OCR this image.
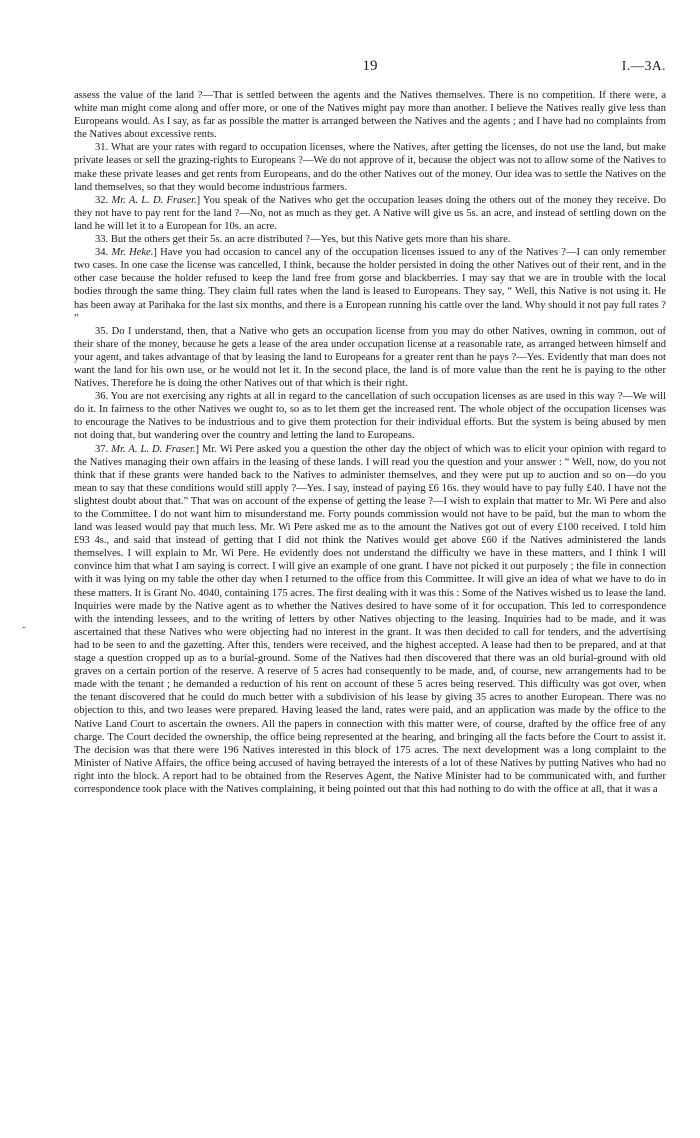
19	I.—3A.
-

assess the value of the land ?—That is settled between the agents and the Natives themselves. There is no competition. If there were, a white man might come along and offer more, or one of the Natives might pay more than another. I believe the Natives really give less than Europeans would. As I say, as far as possible the matter is arranged between the Natives and the agents ; and I have had no complaints from the Natives about excessive rents.

31. What are your rates with regard to occupation licenses, where the Natives, after getting the licenses, do not use the land, but make private leases or sell the grazing-rights to Europeans ?—We do not approve of it, because the object was not to allow some of the Natives to make these private leases and get rents from Europeans, and do the other Natives out of the money. Our idea was to settle the Natives on the land themselves, so that they would become industrious farmers.

32. Mr. A. L. D. Fraser.] You speak of the Natives who get the occupation leases doing the others out of the money they receive. Do they not have to pay rent for the land ?—No, not as much as they get. A Native will give us 5s. an acre, and instead of settling down on the land he will let it to a European for 10s. an acre.

33. But the others get their 5s. an acre distributed ?—Yes, but this Native gets more than his share.

34. Mr. Heke.] Have you had occasion to cancel any of the occupation licenses issued to any of the Natives ?—I can only remember two cases. In one case the license was cancelled, I think, because the holder persisted in doing the other Natives out of their rent, and in the other case because the holder refused to keep the land free from gorse and blackberries. I may say that we are in trouble with the local bodies through the same thing. They claim full rates when the land is leased to Europeans. They say, “ Well, this Native is not using it. He has been away at Parihaka for the last six months, and there is a European running his cattle over the land. Why should it not pay full rates ? ”

35. Do I understand, then, that a Native who gets an occupation license from you may do other Natives, owning in common, out of their share of the money, because he gets a lease of the area under occupation license at a reasonable rate, as arranged between himself and your agent, and takes advantage of that by leasing the land to Europeans for a greater rent than he pays ?—Yes. Evidently that man does not want the land for his own use, or he would not let it. In the second place, the land is of more value than the rent he is paying to the other Natives. Therefore he is doing the other Natives out of that which is their right.

36. You are not exercising any rights at all in regard to the cancellation of such occupation licenses as are used in this way ?—We will do it. In fairness to the other Natives we ought to, so as to let them get the increased rent. The whole object of the occupation licenses was to encourage the Natives to be industrious and to give them protection for their individual efforts. But the system is being abused by men not doing that, but wandering over the country and letting the land to Europeans.

37. Mr. A. L. D. Fraser.] Mr. Wi Pere asked you a question the other day the object of which was to elicit your opinion with regard to the Natives managing their own affairs in the leasing of these lands. I will read you the question and your answer : “ Well, now, do you not think that if these grants were handed back to the Natives to administer themselves, and they were put up to auction and so on—do you mean to say that these conditions would still apply ?—Yes. I say, instead of paying £6 16s. they would have to pay fully £40. I have not the slightest doubt about that.” That was on account of the expense of getting the lease ?—I wish to explain that matter to Mr. Wi Pere and also to the Committee. I do not want him to misunderstand me. Forty pounds commission would not have to be paid, but the man to whom the land was leased would pay that much less. Mr. Wi Pere asked me as to the amount the Natives got out of every £100 received. I told him £93 4s., and said that instead of getting that I did not think the Natives would get above £60 if the Natives administered the lands themselves. I will explain to Mr. Wi Pere. He evidently does not understand the difficulty we have in these matters, and I think I will convince him that what I am saying is correct. I will give an example of one grant. I have not picked it out purposely ; the file in connection with it was lying on my table the other day when I returned to the office from this Committee. It will give an idea of what we have to do in these matters. It is Grant No. 4040, containing 175 acres. The first dealing with it was this : Some of the Natives wished us to lease the land. Inquiries were made by the Native agent as to whether the Natives desired to have some of it for occupation. This led to correspondence with the intending lessees, and to the writing of letters by other Natives objecting to the leasing. Inquiries had to be made, and it was ascertained that these Natives who were objecting had no interest in the grant. It was then decided to call for tenders, and the advertising had to be seen to and the gazetting. After this, tenders were received, and the highest accepted. A lease had then to be prepared, and at that stage a question cropped up as to a burial-ground. Some of the Natives had then discovered that there was an old burial-ground with old graves on a certain portion of the reserve. A reserve of 5 acres had consequently to be made, and, of course, new arrangements had to be made with the tenant ; he demanded a reduction of his rent on account of these 5 acres being reserved. This difficulty was got over, when the tenant discovered that he could do much better with a subdivision of his lease by giving 35 acres to another European. There was no objection to this, and two leases were prepared. Having leased the land, rates were paid, and an application was made by the office to the Native Land Court to ascertain the owners. All the papers in connection with this matter were, of course, drafted by the office free of any charge. The Court decided the ownership, the office being represented at the hearing, and bringing all the facts before the Court to assist it. The decision was that there were 196 Natives interested in this block of 175 acres. The next development was a long complaint to the Minister of Native Affairs, the office being accused of having betrayed the interests of a lot of these Natives by putting Natives who had no right into the block. A report had to be obtained from the Reserves Agent, the Native Minister had to be communicated with, and further correspondence took place with the Natives complaining, it being pointed out that this had nothing to do with the office at all, that it was a
